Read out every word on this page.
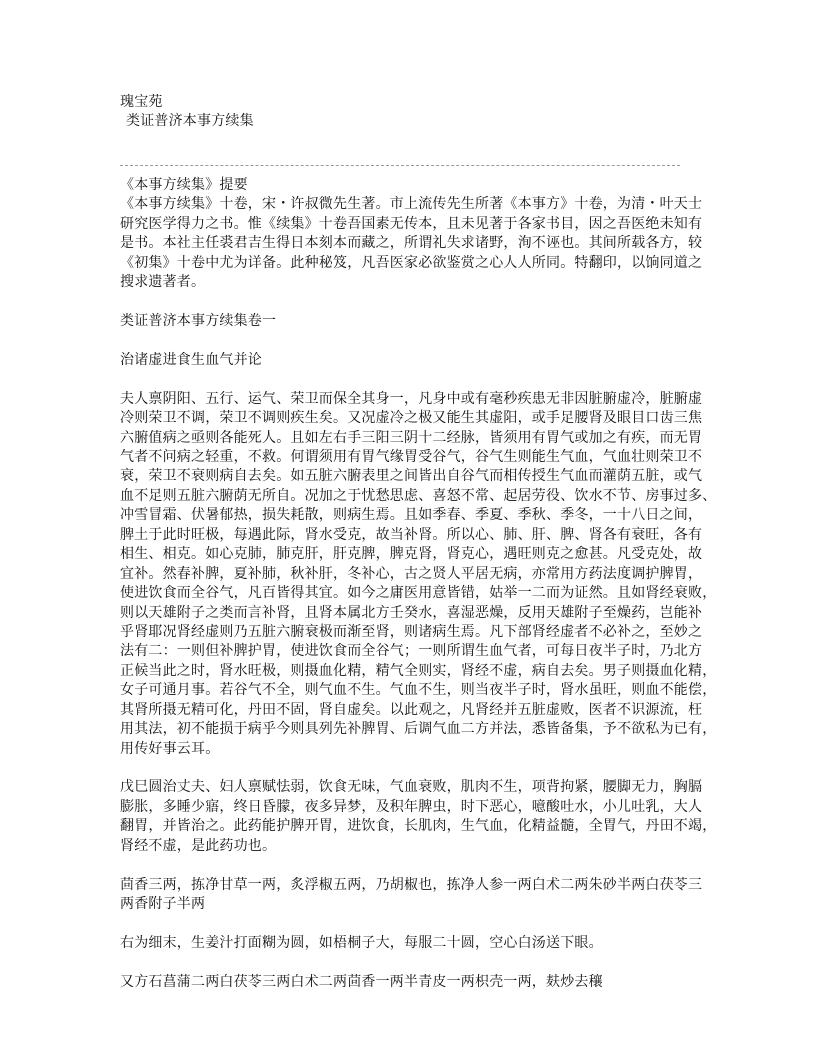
瑰宝苑
类证普济本事方续集
《本事方续集》提要
《本事方续集》十卷，宋・许叔微先生著。市上流传先生所著《本事方》十卷，为清・叶天士
研究医学得力之书。惟《续集》十卷吾国素无传本，且未见著于各家书目，因之吾医绝未知有
是书。本社主任裘君吉生得日本刻本而藏之，所谓礼失求诸野，洵不诬也。其间所载各方，较
《初集》十卷中尤为详备。此种秘笈，凡吾医家必欲鉴赏之心人人所同。特翻印，以饷同道之
搜求遗著者。
类证普济本事方续集卷一
治诸虚进食生血气并论
夫人禀阴阳、五行、运气、荣卫而保全其身一，凡身中或有毫秒疾患无非因脏腑虚冷，脏腑虚
冷则荣卫不调，荣卫不调则疾生矣。又况虚冷之极又能生其虚阳，或手足腰肾及眼目口齿三焦
六腑值病之亟则各能死人。且如左右手三阳三阴十二经脉，皆须用有胃气或加之有疾，而无胃
气者不问病之轻重，不救。何谓须用有胃气缘胃受谷气，谷气生则能生气血，气血壮则荣卫不
衰，荣卫不衰则病自去矣。如五脏六腑表里之间皆出自谷气而相传授生气血而灌荫五脏，或气
血不足则五脏六腑荫无所自。况加之于忧愁思虑、喜怒不常、起居劳役、饮水不节、房事过多、
冲雪冒霜、伏暑郁热，损失耗散，则病生焉。且如季春、季夏、季秋、季冬，一十八日之间，
脾土于此时旺极，每遇此际，肾水受克，故当补肾。所以心、肺、肝、脾、肾各有衰旺，各有
相生、相克。如心克肺，肺克肝，肝克脾，脾克肾，肾克心，遇旺则克之愈甚。凡受克处，故
宜补。然春补脾，夏补肺，秋补肝，冬补心，古之贤人平居无病，亦常用方药法度调护脾胃，
使进饮食而全谷气，凡百皆得其宜。如今之庸医用意皆错，姑举一二而为证然。且如肾经衰败，
则以天雄附子之类而言补肾，且肾本属北方壬癸水，喜湿恶燥，反用天雄附子至燥药，岂能补
乎肾耶况肾经虚则乃五脏六腑衰极而渐至肾，则诸病生焉。凡下部肾经虚者不必补之，至妙之
法有二：一则但补脾护胃，使进饮食而全谷气；一则所谓生血气者，可每日夜半子时，乃北方
正候当此之时，肾水旺极，则摄血化精，精气全则实，肾经不虚，病自去矣。男子则摄血化精，
女子可通月事。若谷气不全，则气血不生。气血不生，则当夜半子时，肾水虽旺，则血不能偿，
其肾所摄无精可化，丹田不固，肾自虚矣。以此观之，凡肾经并五脏虚败，医者不识源流，枉
用其法，初不能损于病乎今则具列先补脾胃、后调气血二方并法，悉皆备集，予不欲私为已有，
用传好事云耳。
戊巳圆治丈夫、妇人禀赋怯弱，饮食无味，气血衰败，肌肉不生，项背拘紧，腰脚无力，胸膈
膨胀，多睡少寤，终日昏朦，夜多异梦，及积年脾虫，时下恶心，噫酸吐水，小儿吐乳，大人
翻胃，并皆治之。此药能护脾开胃，进饮食，长肌肉，生气血，化精益髓，全胃气，丹田不竭，
肾经不虚，是此药功也。
茴香三两，拣净甘草一两，炙浮椒五两，乃胡椒也，拣净人参一两白术二两朱砂半两白茯苓三
两香附子半两
右为细末，生姜汁打面糊为圆，如梧桐子大，每服二十圆，空心白汤送下眼。
又方石菖蒲二两白茯苓三两白术二两茴香一两半青皮一两枳壳一两，麸炒去穰
